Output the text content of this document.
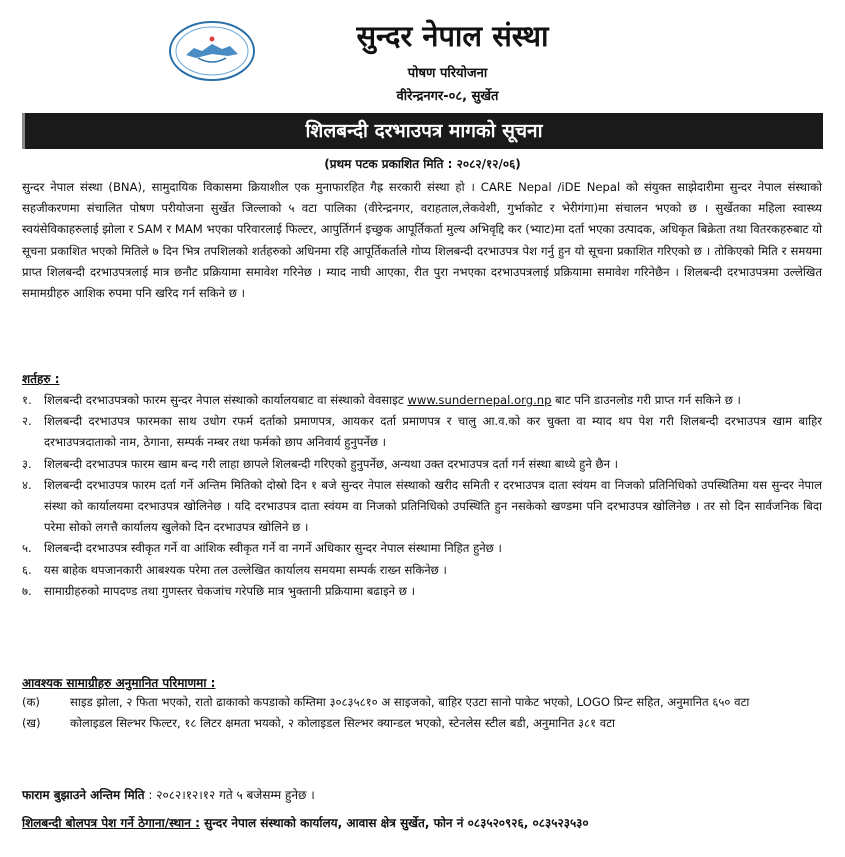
सुन्दर नेपाल संस्था
पोषण परियोजना
वीरेन्द्रनगर-०८, सुर्खेत
शिलबन्दी दरभाउपत्र मागको सूचना
(प्रथम पटक प्रकाशित मिति : २०८२/१२/०६)
सुन्दर नेपाल संस्था (BNA), सामुदायिक विकासमा क्रियाशील एक मुनाफारहित गैह्र सरकारी संस्था हो । CARE Nepal /iDE Nepal को संयुक्त साझेदारीमा सुन्दर नेपाल संस्थाको सहजीकरणमा संचालित पोषण परीयोजना सुर्खेत जिल्लाको ५ वटा पालिका (वीरेन्द्रनगर, वराहताल,लेकवेशी, गुर्भाकोट र भेरीगंगा)मा संचालन भएको छ । सुर्खेतका महिला स्वास्थ्य स्वयंसेविकाहरुलाई झोला र SAM र MAM भएका परिवारलाई फिल्टर, आपुर्तिगर्न इच्छुक आपूर्तिकर्ता मुल्य अभिवृद्दि कर (भ्याट)मा दर्ता भएका उत्पादक, अधिकृत बिक्रेता तथा वितरकहरुबाट यो सूचना प्रकाशित भएको मितिले ७ दिन भित्र तपशिलको शर्तहरुको अधिनमा रहि आपूर्तिकर्तालेे गोप्य शिलबन्दी दरभाउपत्र पेश गर्नु हुन यो सूचना प्रकाशित गरिएको छ । तोकिएको मिति र समयमा प्राप्त शिलबन्दी दरभाउपत्रलाई मात्र छनौट प्रक्रियामा समावेश गरिनेछ । म्याद नाघी आएका, रीत पुरा नभएका दरभाउपत्रलाई प्रक्रियामा समावेश गरिनेछैन । शिलबन्दी दरभाउपत्रमा उल्लेखित समामग्रीहरु आशिक रुपमा पनि खरिद गर्न सकिने छ ।
शर्तहरु :
१.	शिलबन्दी दरभाउपत्रको फारम सुन्दर नेपाल संस्थाको कार्यालयबाट वा संस्थाको वेवसाइट www.sundernepal.org.np बाट पनि डाउनलोड गरी प्राप्त गर्न सकिने छ ।
२.	शिलबन्दी दरभाउपत्र फारमका साथ उधोग रफर्म दर्ताको प्रमाणपत्र, आयकर दर्ता प्रमाणपत्र र चालु आ.व.को कर चुक्ता वा म्याद थप पेश गरी शिलबन्दी दरभाउपत्र खाम बाहिर दरभाउपत्रदाताको नाम, ठेगाना, सम्पर्क नम्बर तथा फर्मको छाप अनिवार्य हुनुपर्नेछ ।
३.	शिलबन्दी दरभाउपत्र फारम खाम बन्द गरी लाहा छापले शिलबन्दी गरिएको हुनुपर्नेछ, अन्यथा उक्त दरभाउपत्र दर्ता गर्न संस्था बाध्ये हुने छैन ।
४.	शिलबन्दी दरभाउपत्र फारम दर्ता गर्ने अन्तिम मितिको दोस्रो दिन १ बजे सुन्दर नेपाल संस्थाको खरीद समिती र दरभाउपत्र दाता स्वंयम वा निजको प्रतिनिधिको उपस्थितिमा यस सुन्दर नेपाल संस्था को कार्यालयमा दरभाउपत्र खोलिनेछ । यदि दरभाउपत्र दाता स्वंयम वा निजको प्रतिनिधिको उपस्थिति हुन नसकेको खण्डमा पनि दरभाउपत्र खोलिनेछ । तर सो दिन सार्वजनिक बिदा परेमा सोको लगत्तै कार्यालय खुलेको दिन दरभाउपत्र खोलिने छ ।
५.	शिलबन्दी दरभाउपत्र स्वीकृत गर्ने वा आंशिक स्वीकृत गर्ने वा नगर्ने अधिकार सुन्दर नेपाल संस्थामा निहित हुनेछ ।
६.	यस बाहेक थपजानकारी आबश्यक परेमा तल उल्लेखित कार्यालय समयमा सम्पर्क राख्न सकिनेछ ।
७.	सामाग्रीहरुको मापदण्ड तथा गुणस्तर चेकजांच गरेपछि मात्र भुक्तानी प्रक्रियामा बढाइने छ ।
आवश्यक सामाग्रीहरु अनुमानित परिमाणमा :
(क)	साइड झोला, २ फिता भएको, रातो ढाकाको कपडाको कम्तिमा ३०८३५८१० अ साइजको, बाहिर एउटा सानो पाकेट भएको, LOGO प्रिन्ट सहित, अनुमानित ६५० वटा
(ख)	कोलाइडल सिल्भर फिल्टर, १८ लिटर क्षमता भयको, २ कोलाइडल सिल्भर क्यान्डल भएको, स्टेनलेस स्टील बडी, अनुमानित ३८१ वटा
फाराम बुझाउने अन्तिम मिति : २०८२।१२।१२ गते ५ बजेसम्म हुनेछ ।
शिलबन्दी बोलपत्र पेश गर्ने ठेगाना/स्थान : सुन्दर नेपाल संस्थाको कार्यालय, आवास क्षेत्र सुर्खेत, फोन नं ०८३५२०९२६, ०८३५२३५३०
